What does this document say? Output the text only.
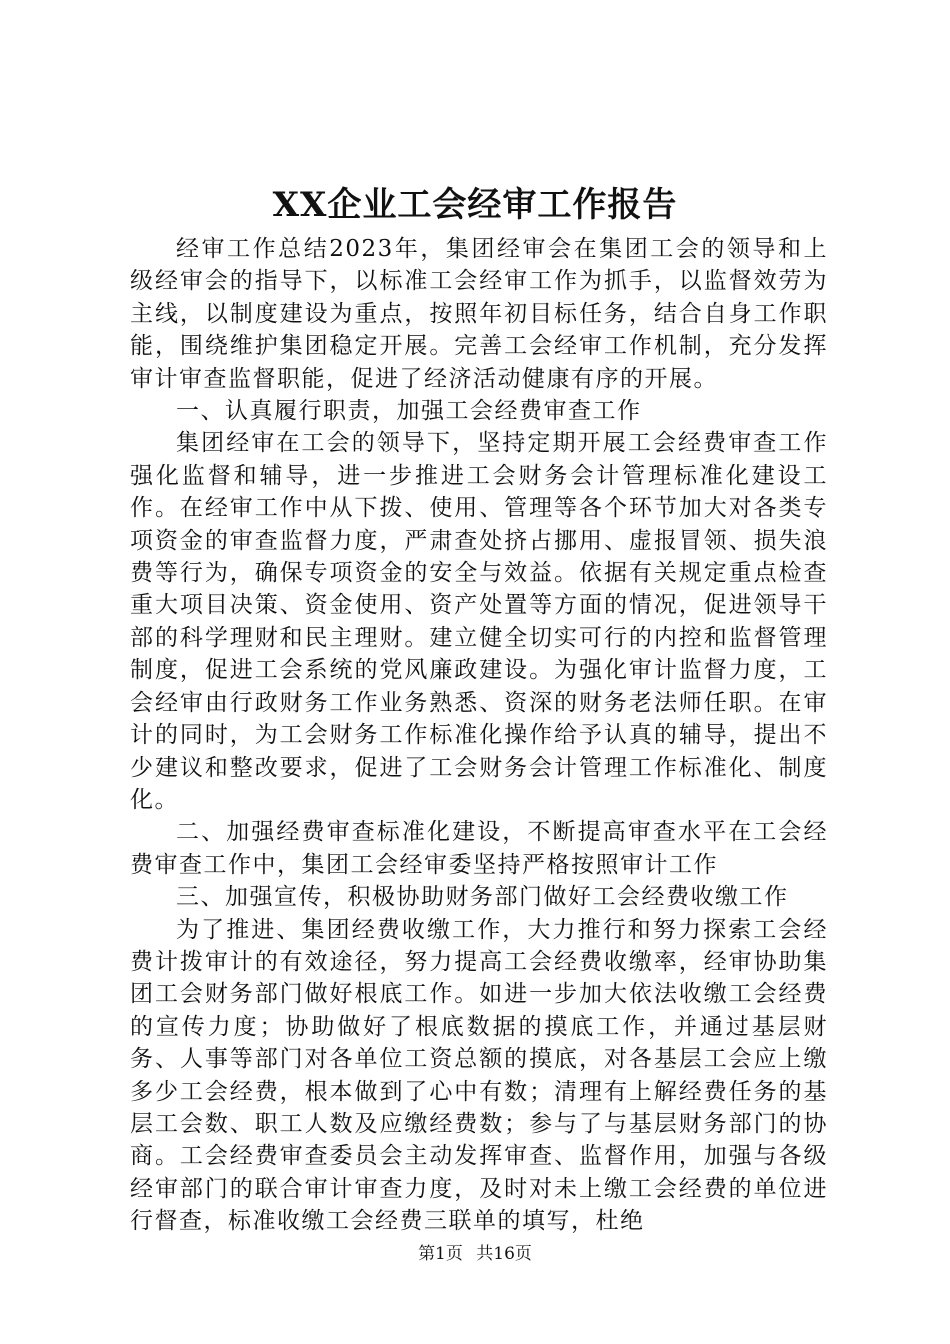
XX企业工会经审工作报告

经审工作总结2023年，集团经审会在集团工会的领导和上级经审会的指导下，以标准工会经审工作为抓手，以监督效劳为主线，以制度建设为重点，按照年初目标任务，结合自身工作职能，围绕维护集团稳定开展。完善工会经审工作机制，充分发挥审计审查监督职能，促进了经济活动健康有序的开展。

一、认真履行职责，加强工会经费审查工作

集团经审在工会的领导下，坚持定期开展工会经费审查工作强化监督和辅导，进一步推进工会财务会计管理标准化建设工作。在经审工作中从下拨、使用、管理等各个环节加大对各类专项资金的审查监督力度，严肃查处挤占挪用、虚报冒领、损失浪费等行为，确保专项资金的安全与效益。依据有关规定重点检查重大项目决策、资金使用、资产处置等方面的情况，促进领导干部的科学理财和民主理财。建立健全切实可行的内控和监督管理制度，促进工会系统的党风廉政建设。为强化审计监督力度，工会经审由行政财务工作业务熟悉、资深的财务老法师任职。在审计的同时，为工会财务工作标准化操作给予认真的辅导，提出不少建议和整改要求，促进了工会财务会计管理工作标准化、制度化。

二、加强经费审查标准化建设，不断提高审查水平在工会经费审查工作中，集团工会经审委坚持严格按照审计工作

三、加强宣传，积极协助财务部门做好工会经费收缴工作

为了推进、集团经费收缴工作，大力推行和努力探索工会经费计拨审计的有效途径，努力提高工会经费收缴率，经审协助集团工会财务部门做好根底工作。如进一步加大依法收缴工会经费的宣传力度；协助做好了根底数据的摸底工作，并通过基层财务、人事等部门对各单位工资总额的摸底，对各基层工会应上缴多少工会经费，根本做到了心中有数；清理有上解经费任务的基层工会数、职工人数及应缴经费数；参与了与基层财务部门的协商。工会经费审查委员会主动发挥审查、监督作用，加强与各级经审部门的联合审计审查力度，及时对未上缴工会经费的单位进行督查，标准收缴工会经费三联单的填写，杜绝

第1页 共16页
